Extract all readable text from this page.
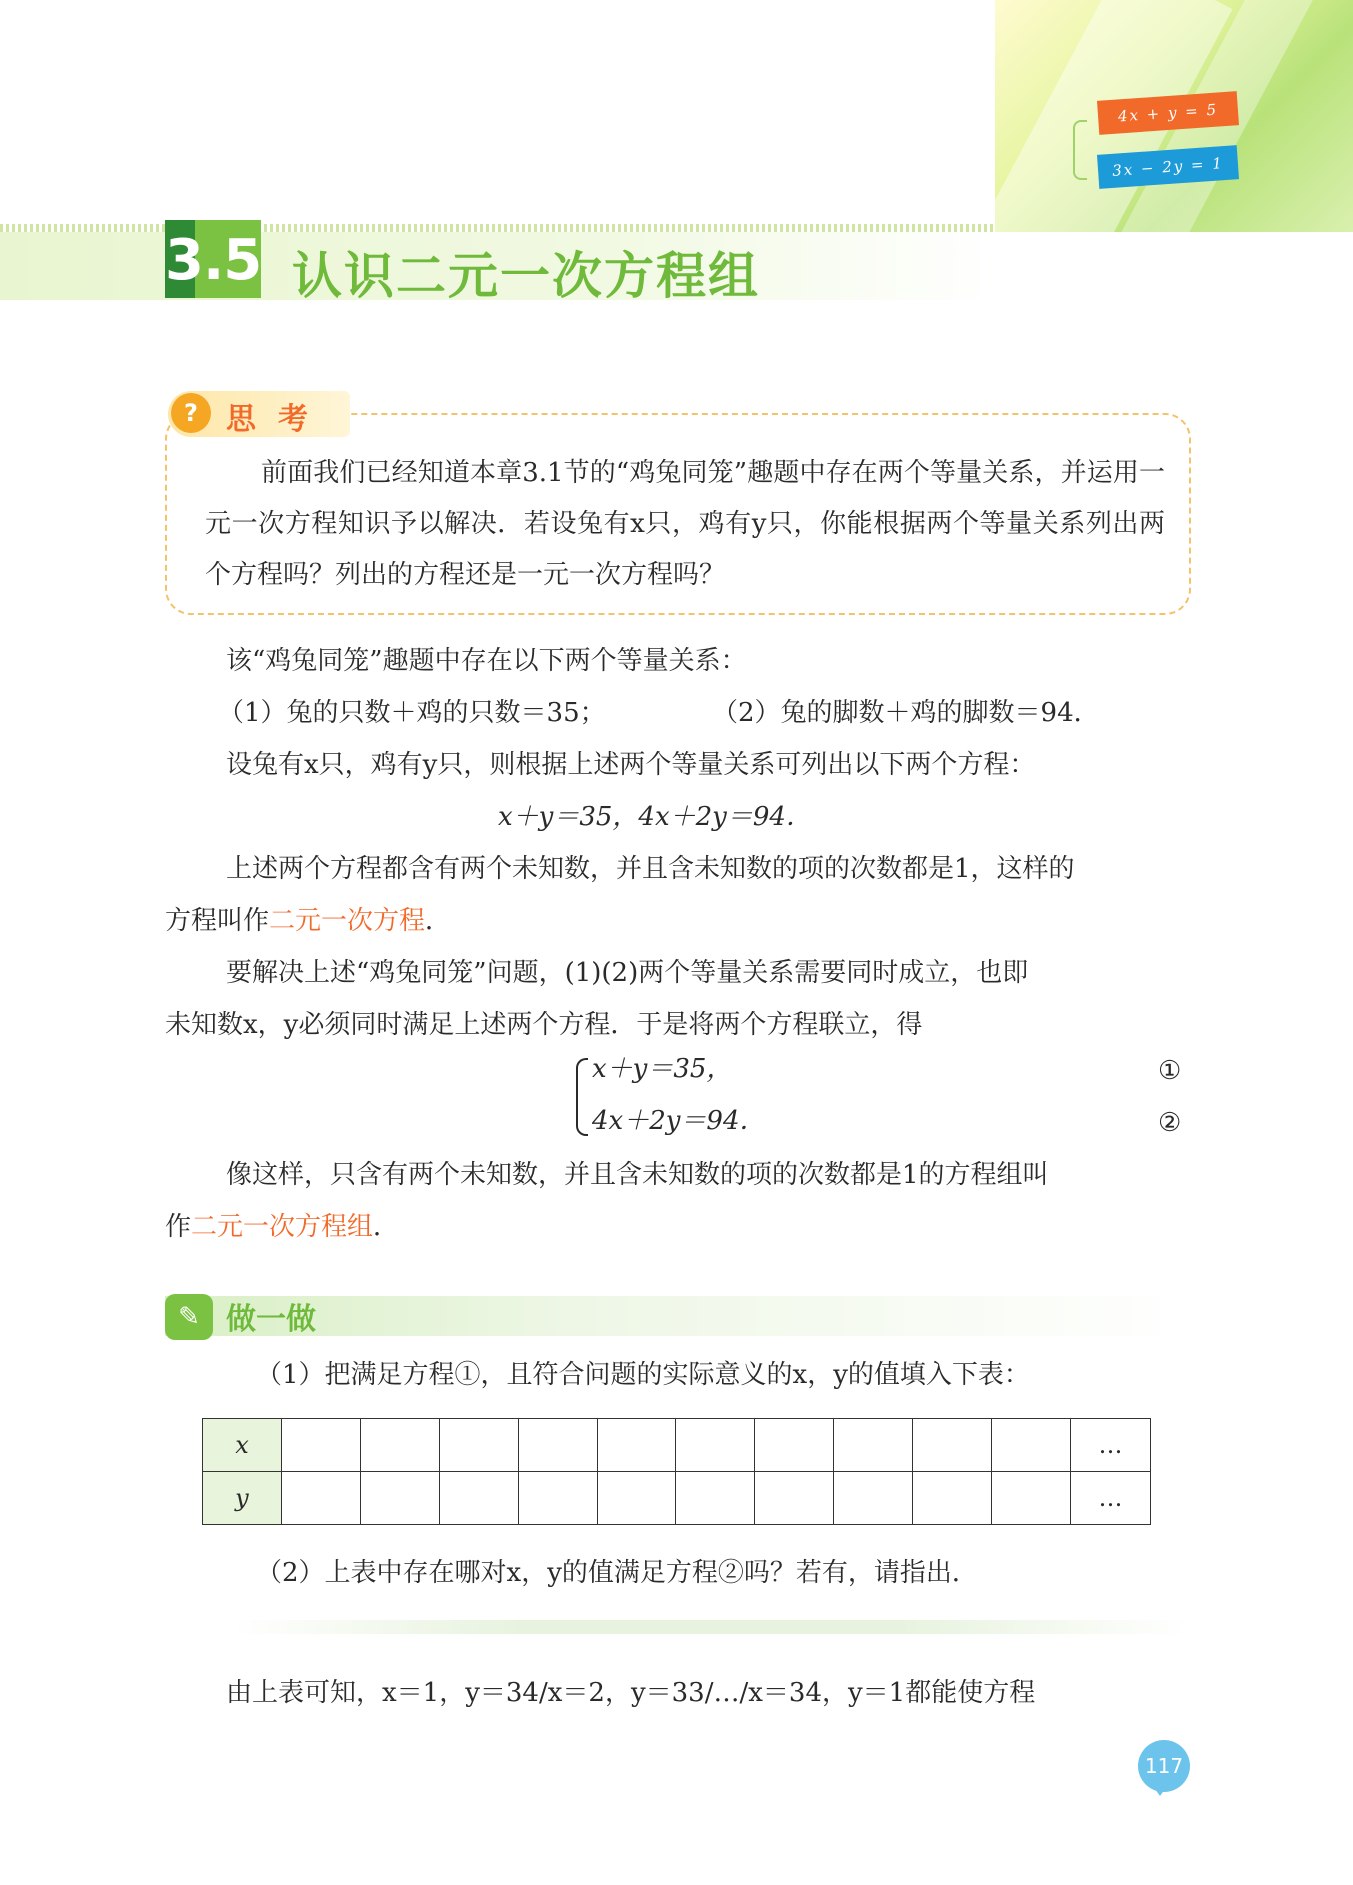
4x + y = 5
3x − 2y = 1
3.5 认识二元一次方程组
? 思考
前面我们已经知道本章3.1节的“鸡兔同笼”趣题中存在两个等量关系，并运用一元一次方程知识予以解决．若设兔有x只，鸡有y只，你能根据两个等量关系列出两个方程吗？列出的方程还是一元一次方程吗？
该“鸡兔同笼”趣题中存在以下两个等量关系：
（1）兔的只数＋鸡的只数＝35；	（2）兔的脚数＋鸡的脚数＝94．
设兔有x只，鸡有y只，则根据上述两个等量关系可列出以下两个方程：
x＋y＝35，4x＋2y＝94．
上述两个方程都含有两个未知数，并且含未知数的项的次数都是1，这样的
方程叫作二元一次方程．
要解决上述“鸡兔同笼”问题，(1)(2)两个等量关系需要同时成立，也即
未知数x，y必须同时满足上述两个方程．于是将两个方程联立，得
x＋y＝35，
4x＋2y＝94．
①
②
像这样，只含有两个未知数，并且含未知数的项的次数都是1的方程组叫
作二元一次方程组．
✎ 做一做
（1）把满足方程①，且符合问题的实际意义的x，y的值填入下表：
x											…
y											…
（2）上表中存在哪对x，y的值满足方程②吗？若有，请指出．
由上表可知，x＝1，y＝34/x＝2，y＝33/…/x＝34，y＝1都能使方程
117
